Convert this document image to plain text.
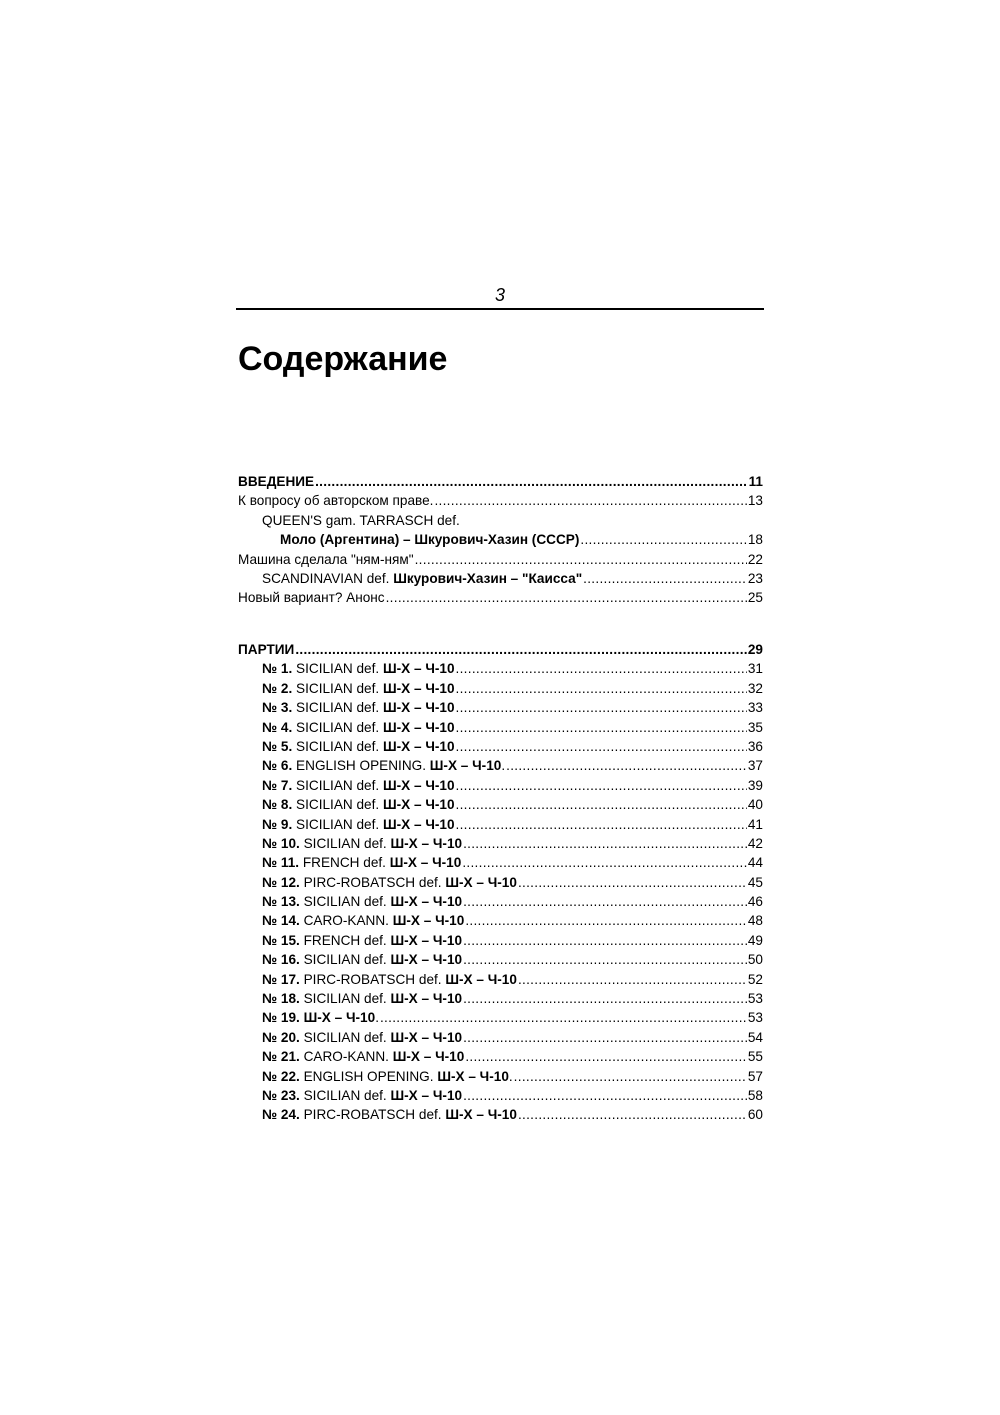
3
Содержание
ВВЕДЕНИЕ .....	11
К вопросу об авторском праве. .....	13
QUEEN'S gam. TARRASCH def.
Моло (Аргентина) – Шкурович-Хазин (СССР) .....	18
Машина сделала "ням-ням" .....	22
SCANDINAVIAN def. Шкурович-Хазин – "Каисса" .....	23
Новый вариант? Анонс .....	25
ПАРТИИ .....	29
№ 1. SICILIAN def. Ш-Х – Ч-10 .....	31
№ 2. SICILIAN def. Ш-Х – Ч-10 .....	32
№ 3. SICILIAN def. Ш-Х – Ч-10 .....	33
№ 4. SICILIAN def. Ш-Х – Ч-10 .....	35
№ 5. SICILIAN def. Ш-Х – Ч-10 .....	36
№ 6. ENGLISH OPENING. Ш-Х – Ч-10. .....	37
№ 7. SICILIAN def. Ш-Х – Ч-10 .....	39
№ 8. SICILIAN def. Ш-Х – Ч-10 .....	40
№ 9. SICILIAN def. Ш-Х – Ч-10 .....	41
№ 10. SICILIAN def. Ш-Х – Ч-10 .....	42
№ 11. FRENCH def. Ш-Х – Ч-10 .....	44
№ 12. PIRC-ROBATSCH def. Ш-Х – Ч-10 .....	45
№ 13. SICILIAN def. Ш-Х – Ч-10 .....	46
№ 14. CARO-KANN. Ш-Х – Ч-10 .....	48
№ 15. FRENCH def. Ш-Х – Ч-10 .....	49
№ 16. SICILIAN def. Ш-Х – Ч-10 .....	50
№ 17. PIRC-ROBATSCH def. Ш-Х – Ч-10 .....	52
№ 18. SICILIAN def. Ш-Х – Ч-10 .....	53
№ 19. Ш-Х – Ч-10. .....	53
№ 20. SICILIAN def. Ш-Х – Ч-10 .....	54
№ 21. CARO-KANN. Ш-Х – Ч-10 .....	55
№ 22. ENGLISH OPENING. Ш-Х – Ч-10. .....	57
№ 23. SICILIAN def. Ш-Х – Ч-10 .....	58
№ 24. PIRC-ROBATSCH def. Ш-Х – Ч-10 .....	60
